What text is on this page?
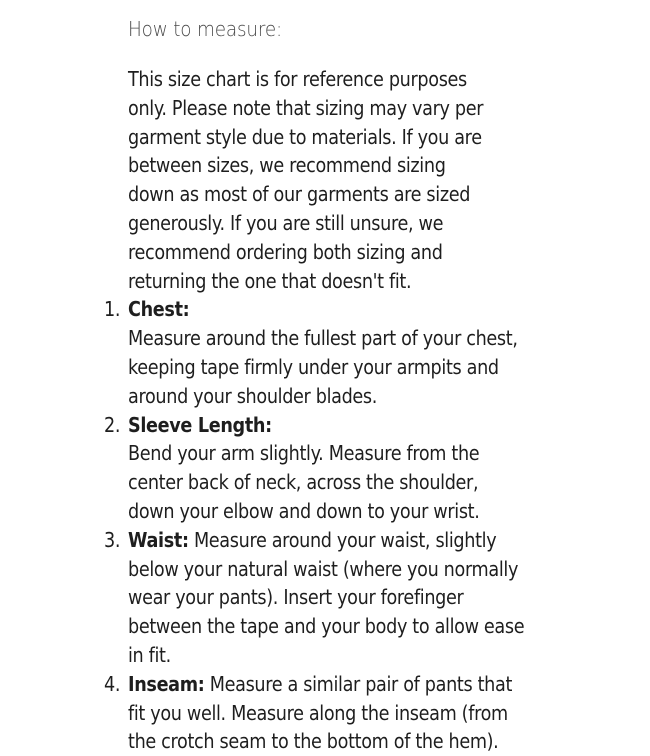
How to measure:

This size chart is for reference purposes only. Please note that sizing may vary per garment style due to materials. If you are between sizes, we recommend sizing down as most of our garments are sized generously. If you are still unsure, we recommend ordering both sizing and returning the one that doesn't fit.

1. Chest:
Measure around the fullest part of your chest, keeping tape firmly under your armpits and around your shoulder blades.
2. Sleeve Length:
Bend your arm slightly. Measure from the center back of neck, across the shoulder, down your elbow and down to your wrist.
3. Waist: Measure around your waist, slightly below your natural waist (where you normally wear your pants). Insert your forefinger between the tape and your body to allow ease in fit.
4. Inseam: Measure a similar pair of pants that fit you well. Measure along the inseam (from the crotch seam to the bottom of the hem).
